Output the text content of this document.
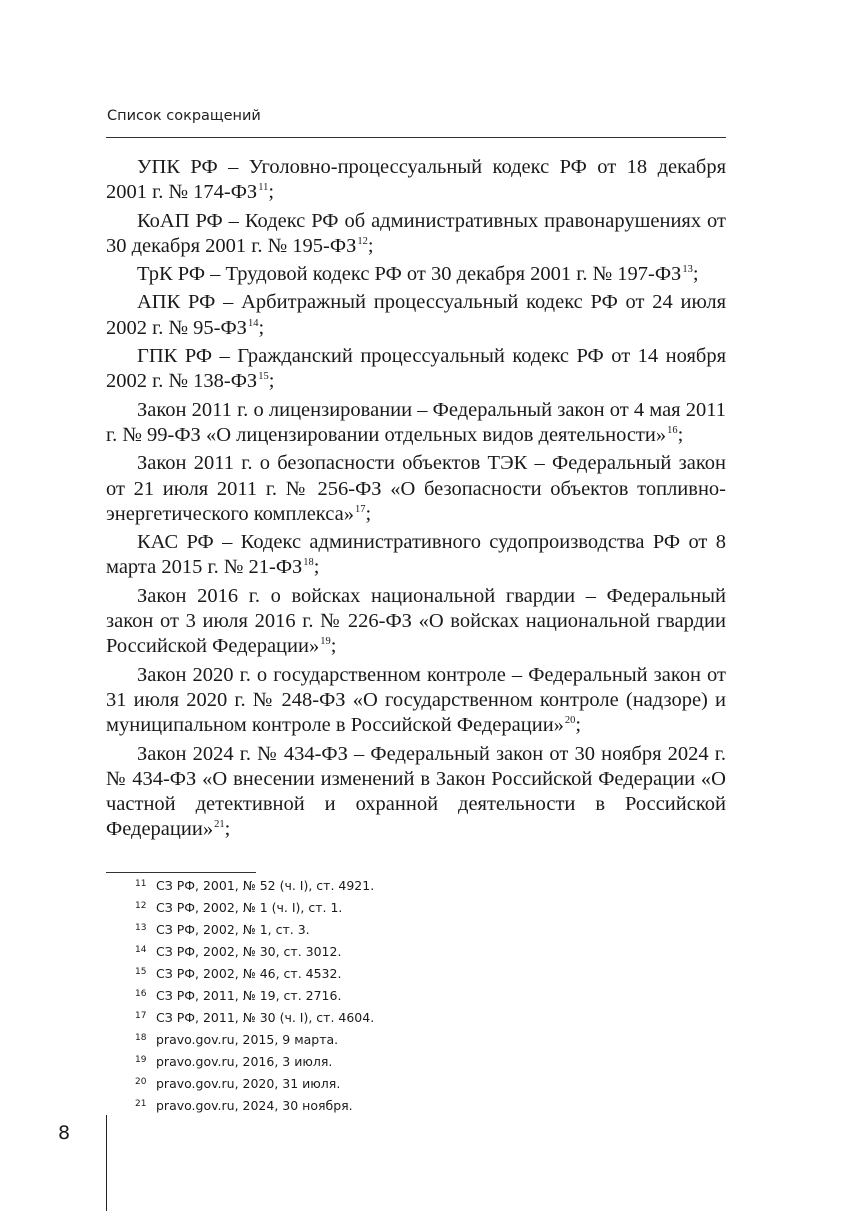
Список сокращений

УПК РФ – Уголовно-процессуальный кодекс РФ от 18 декабря 2001 г. № 174-ФЗ$^{11}$;

КоАП РФ – Кодекс РФ об административных правонарушениях от 30 декабря 2001 г. № 195-ФЗ$^{12}$;

ТрК РФ – Трудовой кодекс РФ от 30 декабря 2001 г. № 197-ФЗ$^{13}$;

АПК РФ – Арбитражный процессуальный кодекс РФ от 24 июля 2002 г. № 95-ФЗ$^{14}$;

ГПК РФ – Гражданский процессуальный кодекс РФ от 14 ноября 2002 г. № 138-ФЗ$^{15}$;

Закон 2011 г. о лицензировании – Федеральный закон от 4 мая 2011 г. № 99-ФЗ «О лицензировании отдельных видов деятельности»$^{16}$;

Закон 2011 г. о безопасности объектов ТЭК – Федеральный закон от 21 июля 2011 г. № 256-ФЗ «О безопасности объектов топливно-энергетического комплекса»$^{17}$;

КАС РФ – Кодекс административного судопроизводства РФ от 8 марта 2015 г. № 21-ФЗ$^{18}$;

Закон 2016 г. о войсках национальной гвардии – Федеральный закон от 3 июля 2016 г. № 226-ФЗ «О войсках национальной гвардии Российской Федерации»$^{19}$;

Закон 2020 г. о государственном контроле – Федеральный закон от 31 июля 2020 г. № 248-ФЗ «О государственном контроле (надзоре) и муниципальном контроле в Российской Федерации»$^{20}$;

Закон 2024 г. № 434-ФЗ – Федеральный закон от 30 ноября 2024 г. № 434-ФЗ «О внесении изменений в Закон Российской Федерации «О частной детективной и охранной деятельности в Российской Федерации»$^{21}$;

11 СЗ РФ, 2001, № 52 (ч. I), ст. 4921.
12 СЗ РФ, 2002, № 1 (ч. I), ст. 1.
13 СЗ РФ, 2002, № 1, ст. 3.
14 СЗ РФ, 2002, № 30, ст. 3012.
15 СЗ РФ, 2002, № 46, ст. 4532.
16 СЗ РФ, 2011, № 19, ст. 2716.
17 СЗ РФ, 2011, № 30 (ч. I), ст. 4604.
18 pravo.gov.ru, 2015, 9 марта.
19 pravo.gov.ru, 2016, 3 июля.
20 pravo.gov.ru, 2020, 31 июля.
21 pravo.gov.ru, 2024, 30 ноября.
8
